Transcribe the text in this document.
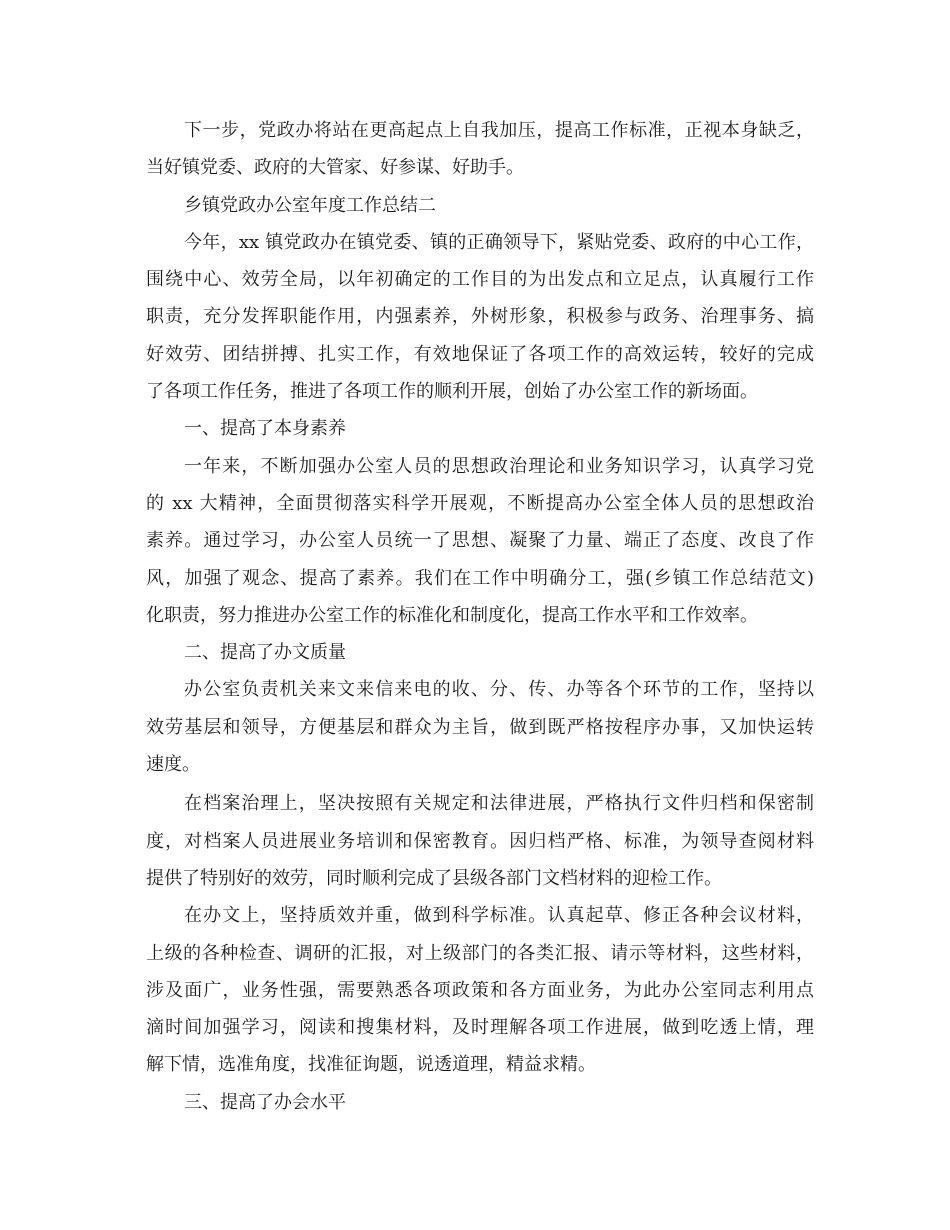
下一步，党政办将站在更高起点上自我加压，提高工作标准，正视本身缺乏，
当好镇党委、政府的大管家、好参谋、好助手。
乡镇党政办公室年度工作总结二
今年，xx 镇党政办在镇党委、镇的正确领导下，紧贴党委、政府的中心工作，
围绕中心、效劳全局，以年初确定的工作目的为出发点和立足点，认真履行工作
职责，充分发挥职能作用，内强素养，外树形象，积极参与政务、治理事务、搞
好效劳、团结拼搏、扎实工作，有效地保证了各项工作的高效运转，较好的完成
了各项工作任务，推进了各项工作的顺利开展，创始了办公室工作的新场面。
一、提高了本身素养
一年来，不断加强办公室人员的思想政治理论和业务知识学习，认真学习党
的 xx 大精神，全面贯彻落实科学开展观，不断提高办公室全体人员的思想政治
素养。通过学习，办公室人员统一了思想、凝聚了力量、端正了态度、改良了作
风，加强了观念、提高了素养。我们在工作中明确分工，强(乡镇工作总结范文)
化职责，努力推进办公室工作的标准化和制度化，提高工作水平和工作效率。
二、提高了办文质量
办公室负责机关来文来信来电的收、分、传、办等各个环节的工作，坚持以
效劳基层和领导，方便基层和群众为主旨，做到既严格按程序办事，又加快运转
速度。
在档案治理上，坚决按照有关规定和法律进展，严格执行文件归档和保密制
度，对档案人员进展业务培训和保密教育。因归档严格、标准，为领导查阅材料
提供了特别好的效劳，同时顺利完成了县级各部门文档材料的迎检工作。
在办文上，坚持质效并重，做到科学标准。认真起草、修正各种会议材料，
上级的各种检查、调研的汇报，对上级部门的各类汇报、请示等材料，这些材料，
涉及面广，业务性强，需要熟悉各项政策和各方面业务，为此办公室同志利用点
滴时间加强学习，阅读和搜集材料，及时理解各项工作进展，做到吃透上情，理
解下情，选准角度，找准征询题，说透道理，精益求精。
三、提高了办会水平
